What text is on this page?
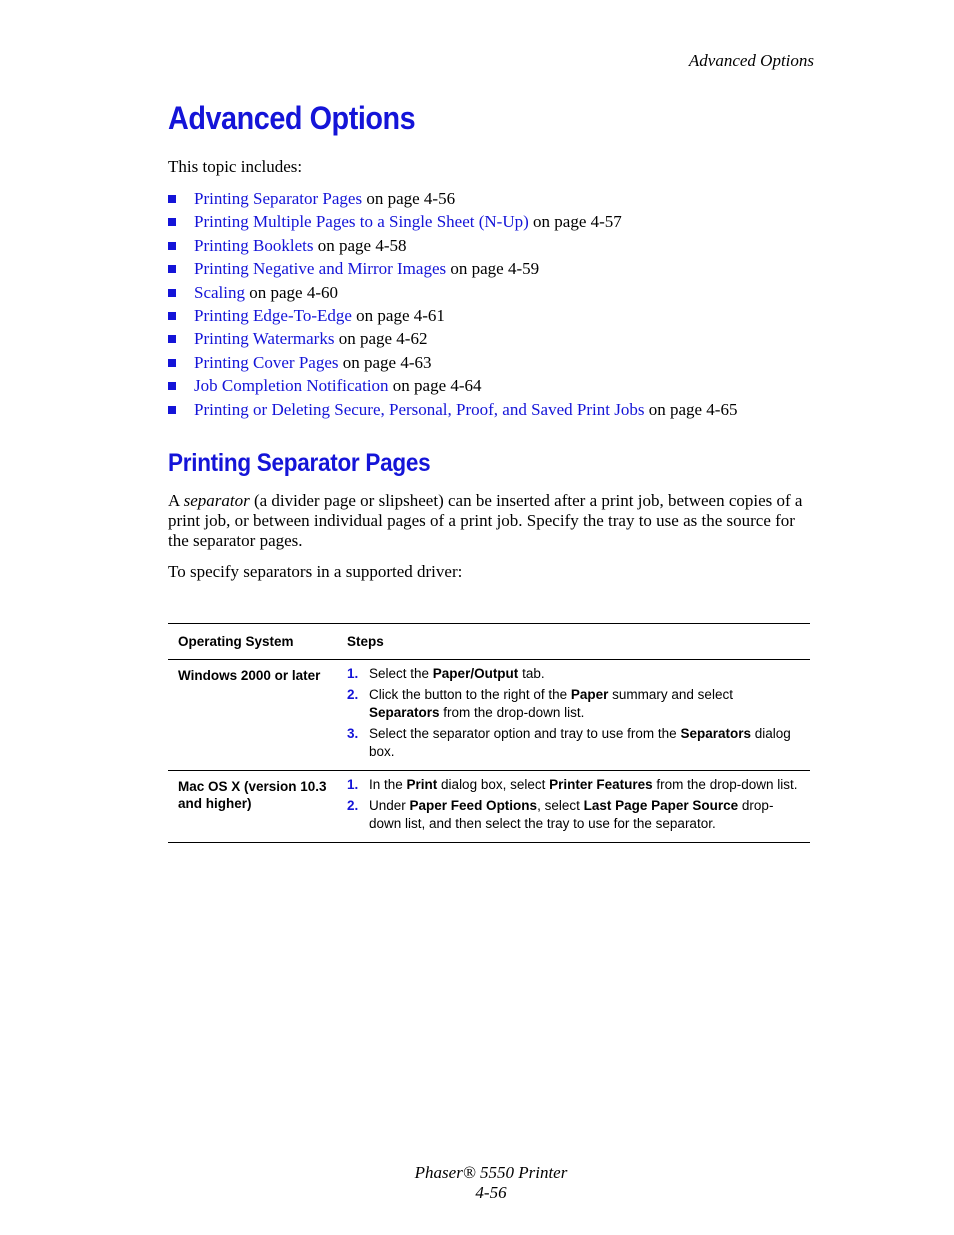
Advanced Options
Advanced Options
This topic includes:
Printing Separator Pages on page 4-56
Printing Multiple Pages to a Single Sheet (N-Up) on page 4-57
Printing Booklets on page 4-58
Printing Negative and Mirror Images on page 4-59
Scaling on page 4-60
Printing Edge-To-Edge on page 4-61
Printing Watermarks on page 4-62
Printing Cover Pages on page 4-63
Job Completion Notification on page 4-64
Printing or Deleting Secure, Personal, Proof, and Saved Print Jobs on page 4-65
Printing Separator Pages

A separator (a divider page or slipsheet) can be inserted after a print job, between copies of a print job, or between individual pages of a print job. Specify the tray to use as the source for the separator pages.

To specify separators in a supported driver:

Operating System	Steps
Windows 2000 or later	1. Select the Paper/Output tab.
2. Click the button to the right of the Paper summary and select Separators from the drop-down list.
3. Select the separator option and tray to use from the Separators dialog box.
Mac OS X (version 10.3 and higher)
1. In the Print dialog box, select Printer Features from the drop-down list.
2. Under Paper Feed Options, select Last Page Paper Source drop-down list, and then select the tray to use for the separator.
Phaser® 5550 Printer
4-56
